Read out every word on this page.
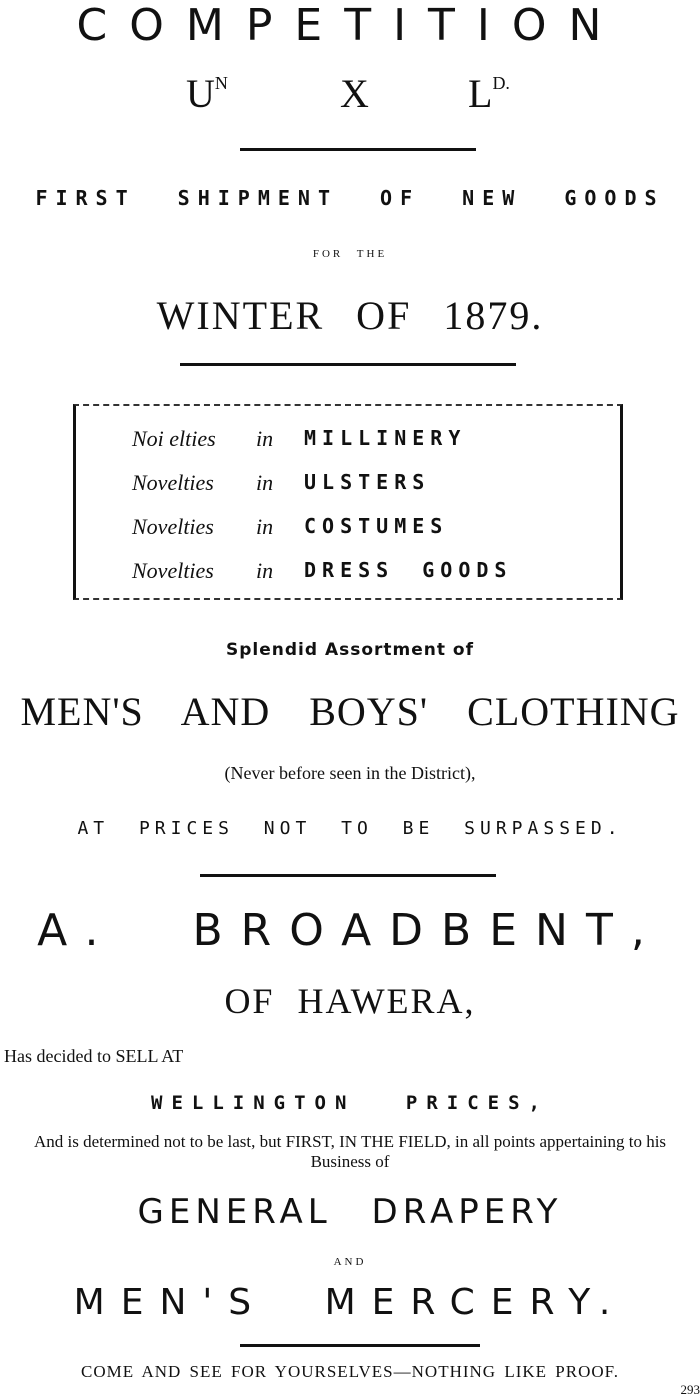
COMPETITION
$U^N$	X $L^{D.}$
FIRST SHIPMENT OF NEW GOODS
FOR THE
WINTER OF 1879.
Noi elties in MILLINERY
Novelties in ULSTERS
Novelties in COSTUMES
Novelties in DRESS GOODS
Splendid Assortment of
MEN'S AND BOYS' CLOTHING
(Never before seen in the District),
AT PRICES NOT TO BE SURPASSED.
A. BROADBENT,
OF HAWERA,
Has decided to SELL AT
WELLINGTON PRICES,
And is determined not to be last, but FIRST, IN THE FIELD, in all points appertaining to his Business of
GENERAL DRAPERY
AND
MEN'S MERCERY.
COME AND SEE FOR YOURSELVES—NOTHING LIKE PROOF.
293
